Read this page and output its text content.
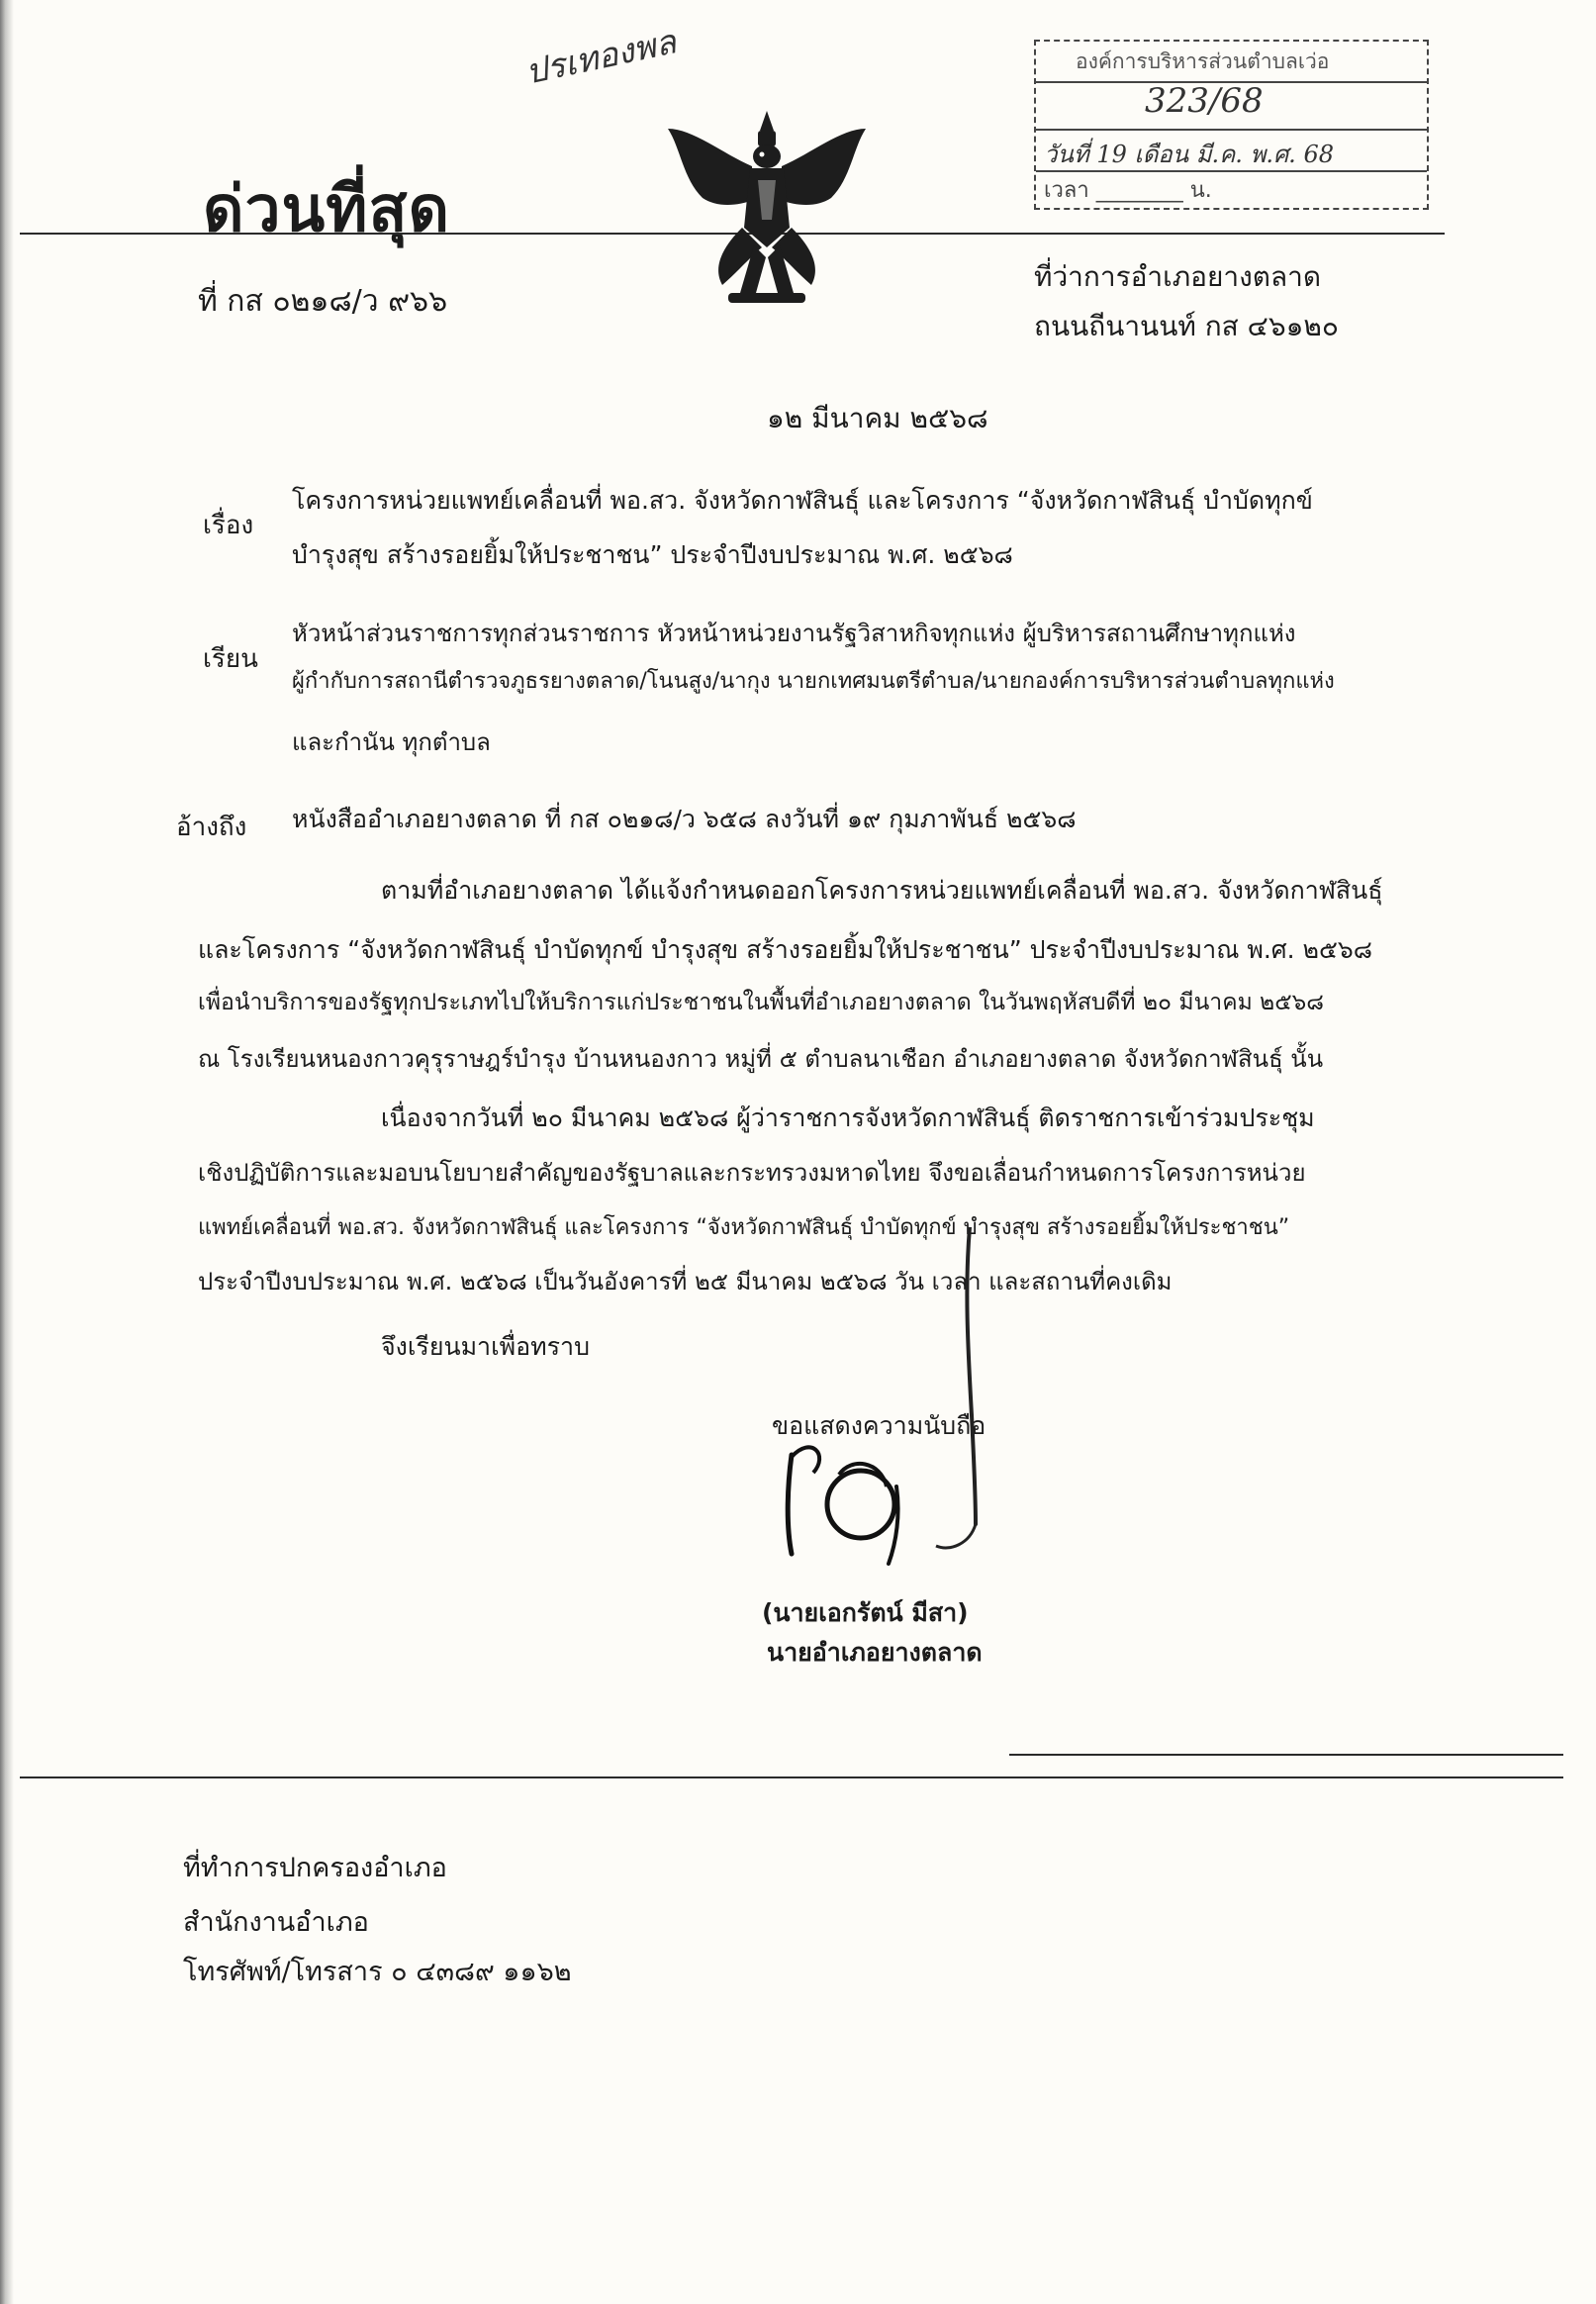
ปรเทองพล
ด่วนที่สุด
องค์การบริหารส่วนตำบลเว่อ
323/68
วันที่ 19 เดือน มี.ค. พ.ศ. 68
เวลา ________ น.
ที่ กส ๐๒๑๘/ว ๙๖๖
ที่ว่าการอำเภอยางตลาด
ถนนถีนานนท์ กส ๔๖๑๒๐
๑๒ มีนาคม ๒๕๖๘
เรื่อง
โครงการหน่วยแพทย์เคลื่อนที่ พอ.สว. จังหวัดกาฬสินธุ์ และโครงการ “จังหวัดกาฬสินธุ์ บำบัดทุกข์
บำรุงสุข สร้างรอยยิ้มให้ประชาชน” ประจำปีงบประมาณ พ.ศ. ๒๕๖๘
เรียน
หัวหน้าส่วนราชการทุกส่วนราชการ หัวหน้าหน่วยงานรัฐวิสาหกิจทุกแห่ง ผู้บริหารสถานศึกษาทุกแห่ง
ผู้กำกับการสถานีตำรวจภูธรยางตลาด/โนนสูง/นากุง นายกเทศมนตรีตำบล/นายกองค์การบริหารส่วนตำบลทุกแห่ง
และกำนัน ทุกตำบล
อ้างถึง หนังสืออำเภอยางตลาด ที่ กส ๐๒๑๘/ว ๖๕๘ ลงวันที่ ๑๙ กุมภาพันธ์ ๒๕๖๘
ตามที่อำเภอยางตลาด ได้แจ้งกำหนดออกโครงการหน่วยแพทย์เคลื่อนที่ พอ.สว. จังหวัดกาฬสินธุ์
และโครงการ “จังหวัดกาฬสินธุ์ บำบัดทุกข์ บำรุงสุข สร้างรอยยิ้มให้ประชาชน” ประจำปีงบประมาณ พ.ศ. ๒๕๖๘
เพื่อนำบริการของรัฐทุกประเภทไปให้บริการแก่ประชาชนในพื้นที่อำเภอยางตลาด ในวันพฤหัสบดีที่ ๒๐ มีนาคม ๒๕๖๘
ณ โรงเรียนหนองกาวคุรุราษฎร์บำรุง บ้านหนองกาว หมู่ที่ ๕ ตำบลนาเชือก อำเภอยางตลาด จังหวัดกาฬสินธุ์ นั้น
เนื่องจากวันที่ ๒๐ มีนาคม ๒๕๖๘ ผู้ว่าราชการจังหวัดกาฬสินธุ์ ติดราชการเข้าร่วมประชุม
เชิงปฏิบัติการและมอบนโยบายสำคัญของรัฐบาลและกระทรวงมหาดไทย จึงขอเลื่อนกำหนดการโครงการหน่วย
แพทย์เคลื่อนที่ พอ.สว. จังหวัดกาฬสินธุ์ และโครงการ “จังหวัดกาฬสินธุ์ บำบัดทุกข์ บำรุงสุข สร้างรอยยิ้มให้ประชาชน”
ประจำปีงบประมาณ พ.ศ. ๒๕๖๘ เป็นวันอังคารที่ ๒๕ มีนาคม ๒๕๖๘ วัน เวลา และสถานที่คงเดิม
จึงเรียนมาเพื่อทราบ
ขอแสดงความนับถือ
(นายเอกรัตน์ มีสา)
นายอำเภอยางตลาด
ที่ทำการปกครองอำเภอ
สำนักงานอำเภอ
โทรศัพท์/โทรสาร ๐ ๔๓๘๙ ๑๑๖๒
